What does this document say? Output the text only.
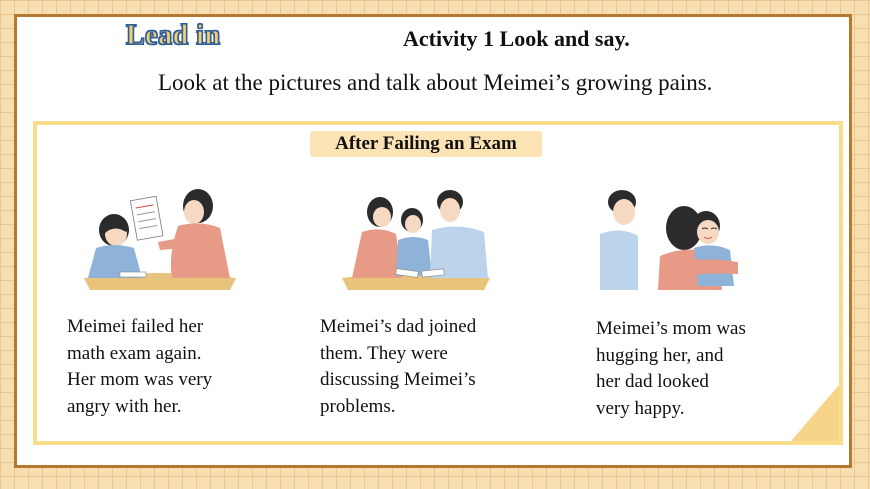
Lead in	Activity 1 Look and say.
Look at the pictures and talk about Meimei’s growing pains.
After Failing an Exam
Meimei failed her
math exam again.
Her mom was very
angry with her.
Meimei’s dad joined
them. They were
discussing Meimei’s
problems.
Meimei’s mom was
hugging her, and
her dad looked
very happy.
